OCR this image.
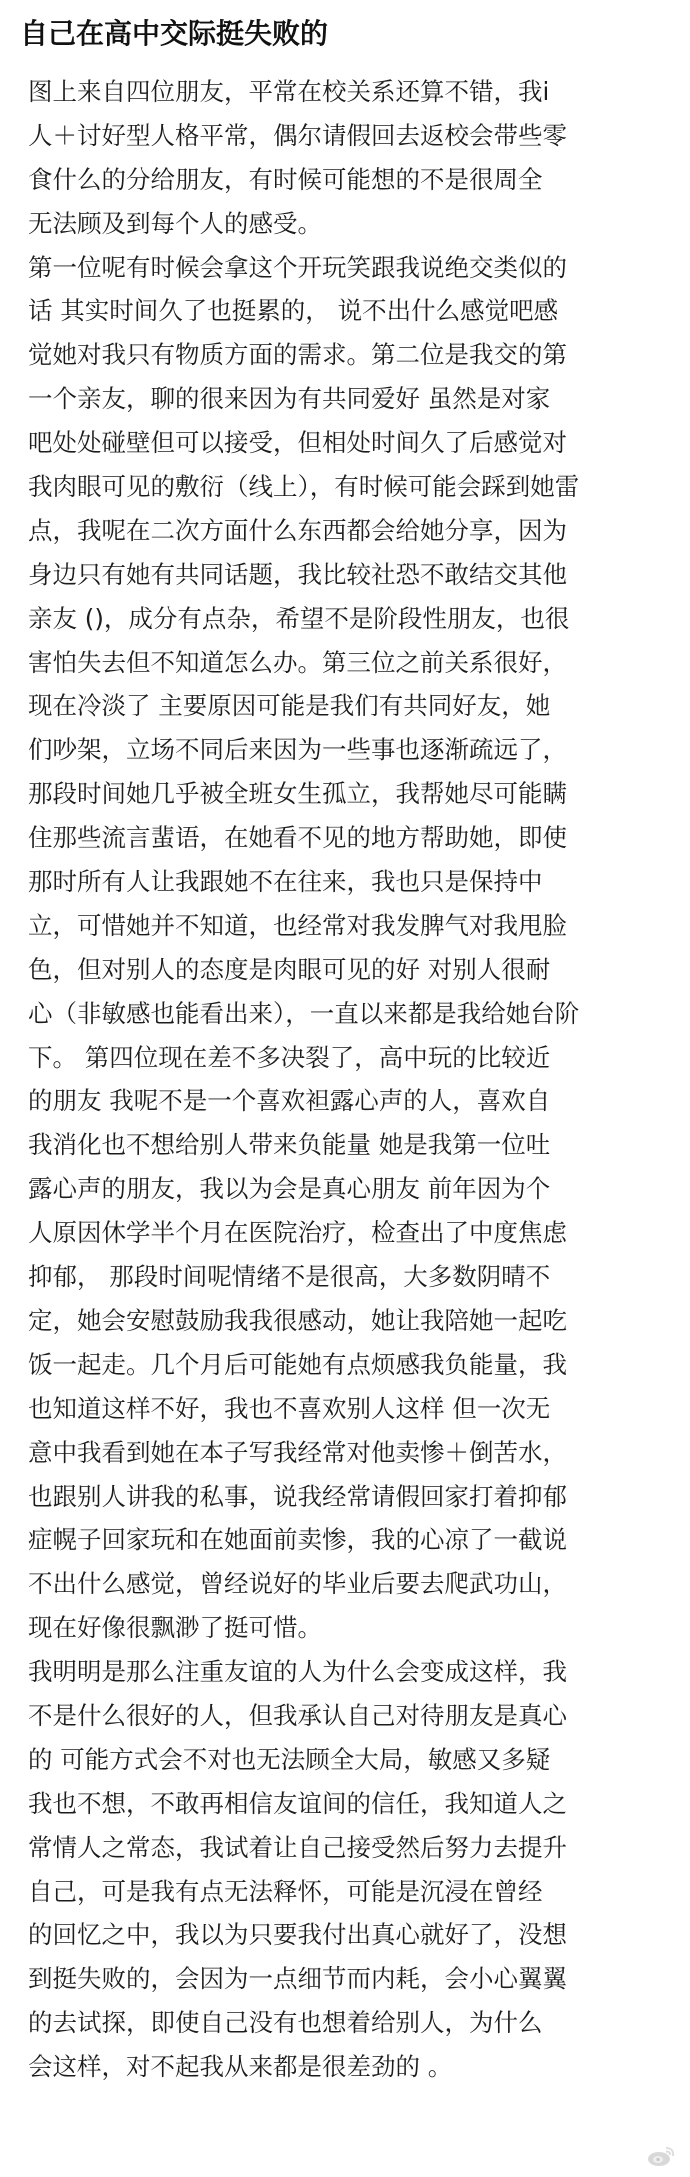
自己在高中交际挺失败的
图上来自四位朋友，平常在校关系还算不错，我i
人＋讨好型人格平常，偶尔请假回去返校会带些零
食什么的分给朋友，有时候可能想的不是很周全
无法顾及到每个人的感受。
第一位呢有时候会拿这个开玩笑跟我说绝交类似的
话 其实时间久了也挺累的， 说不出什么感觉吧感
觉她对我只有物质方面的需求。第二位是我交的第
一个亲友，聊的很来因为有共同爱好 虽然是对家
吧处处碰壁但可以接受，但相处时间久了后感觉对
我肉眼可见的敷衍（线上），有时候可能会踩到她雷
点，我呢在二次方面什么东西都会给她分享，因为
身边只有她有共同话题，我比较社恐不敢结交其他
亲友 ()，成分有点杂，希望不是阶段性朋友，也很
害怕失去但不知道怎么办。第三位之前关系很好，
现在冷淡了 主要原因可能是我们有共同好友，她
们吵架，立场不同后来因为一些事也逐渐疏远了，
那段时间她几乎被全班女生孤立，我帮她尽可能瞒
住那些流言蜚语，在她看不见的地方帮助她，即使
那时所有人让我跟她不在往来，我也只是保持中
立，可惜她并不知道，也经常对我发脾气对我甩脸
色，但对别人的态度是肉眼可见的好 对别人很耐
心（非敏感也能看出来），一直以来都是我给她台阶
下。 第四位现在差不多决裂了，高中玩的比较近
的朋友 我呢不是一个喜欢袒露心声的人，喜欢自
我消化也不想给别人带来负能量 她是我第一位吐
露心声的朋友，我以为会是真心朋友 前年因为个
人原因休学半个月在医院治疗，检查出了中度焦虑
抑郁， 那段时间呢情绪不是很高，大多数阴晴不
定，她会安慰鼓励我我很感动，她让我陪她一起吃
饭一起走。几个月后可能她有点烦感我负能量，我
也知道这样不好，我也不喜欢别人这样 但一次无
意中我看到她在本子写我经常对他卖惨＋倒苦水，
也跟别人讲我的私事，说我经常请假回家打着抑郁
症幌子回家玩和在她面前卖惨，我的心凉了一截说
不出什么感觉，曾经说好的毕业后要去爬武功山，
现在好像很飘渺了挺可惜。
我明明是那么注重友谊的人为什么会变成这样，我
不是什么很好的人，但我承认自己对待朋友是真心
的 可能方式会不对也无法顾全大局，敏感又多疑
我也不想，不敢再相信友谊间的信任，我知道人之
常情人之常态，我试着让自己接受然后努力去提升
自己，可是我有点无法释怀，可能是沉浸在曾经
的回忆之中，我以为只要我付出真心就好了，没想
到挺失败的，会因为一点细节而内耗，会小心翼翼
的去试探，即使自己没有也想着给别人，为什么
会这样，对不起我从来都是很差劲的 。
